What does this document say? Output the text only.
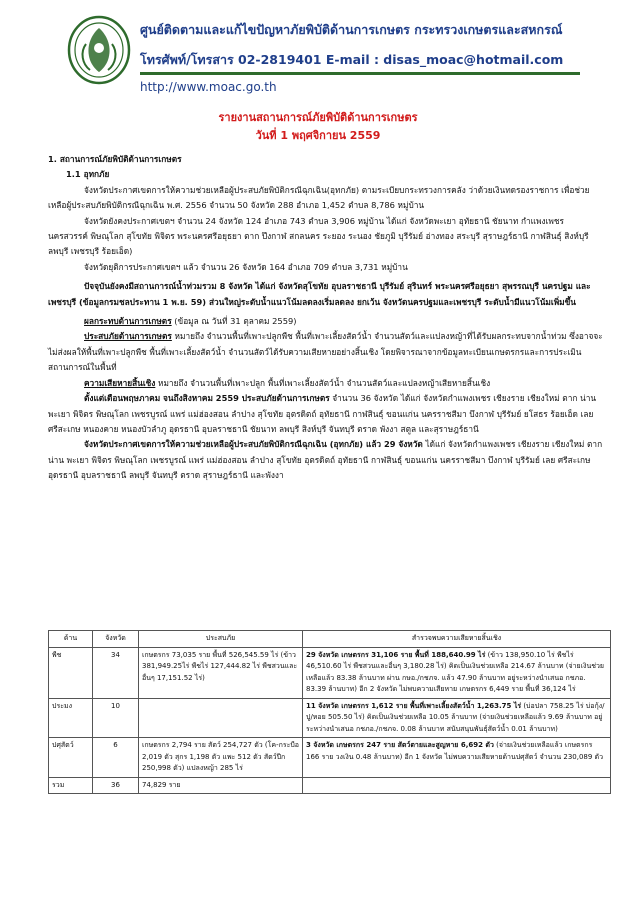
ศูนย์ติดตามและแก้ไขปัญหาภัยพิบัติด้านการเกษตร กระทรวงเกษตรและสหกรณ์
โทรศัพท์/โทรสาร 02-2819401 E-mail : disas_moac@hotmail.com
http://www.moac.go.th
รายงานสถานการณ์ภัยพิบัติด้านการเกษตร
วันที่ 1 พฤศจิกายน 2559

1. สถานการณ์ภัยพิบัติด้านการเกษตร

1.1 อุทกภัย

จังหวัดประกาศเขตการให้ความช่วยเหลือผู้ประสบภัยพิบัติกรณีฉุกเฉิน(อุทกภัย) ตามระเบียบกระทรวงการคลัง ว่าด้วยเงินทดรองราชการ เพื่อช่วยเหลือผู้ประสบภัยพิบัติกรณีฉุกเฉิน พ.ศ. 2556 จำนวน 50 จังหวัด 288 อำเภอ 1,452 ตำบล 8,786 หมู่บ้าน

จังหวัดยังคงประกาศเขตฯ จำนวน 24 จังหวัด 124 อำเภอ 743 ตำบล 3,906 หมู่บ้าน ได้แก่ จังหวัดพะเยา อุทัยธานี ชัยนาท กำแพงเพชร นครสวรรค์ พิษณุโลก สุโขทัย พิจิตร พระนครศรีอยุธยา ตาก ปึงกาฬ สกลนคร ระยอง ระนอง ชัยภูมิ บุรีรัมย์ อ่างทอง สระบุรี สุราษฎร์ธานี กาฬสินธุ์ สิงห์บุรี ลพบุรี เพชรบุรี ร้อยเอ็ด)

จังหวัดยุติการประกาศเขตฯ แล้ว จำนวน 26 จังหวัด 164 อำเภอ 709 ตำบล 3,731 หมู่บ้าน

ปัจจุบันยังคงมีสถานการณ์น้ำท่วมรวม 8 จังหวัด ได้แก่ จังหวัดสุโขทัย อุบลราชธานี บุรีรัมย์ สุรินทร์ พระนครศรีอยุธยา สุพรรณบุรี นครปฐม และเพชรบุรี (ข้อมูลกรมชลประทาน 1 พ.ย. 59) ส่วนใหญ่ระดับน้ำแนวโน้มลดลงเริ่มลดลง ยกเว้น จังหวัดนครปฐมและเพชรบุรี ระดับน้ำมีแนวโน้มเพิ่มขึ้น

ผลกระทบด้านการเกษตร (ข้อมูล ณ วันที่ 31 ตุลาคม 2559)

ประสบภัยด้านการเกษตร หมายถึง จำนวนพื้นที่เพาะปลูกพืช พื้นที่เพาะเลี้ยงสัตว์น้ำ จำนวนสัตว์และแปลงหญ้าที่ได้รับผลกระทบจากน้ำท่วม ซึ่งอาจจะไม่ส่งผลให้พื้นที่เพาะปลูกพืช พื้นที่เพาะเลี้ยงสัตว์น้ำ จำนวนสัตว์ได้รับความเสียหายอย่างสิ้นเชิง โดยพิจารณาจากข้อมูลทะเบียนเกษตรกรและการประเมินสถานการณ์ในพื้นที่

ความเสียหายสิ้นเชิง หมายถึง จำนวนพื้นที่เพาะปลูก พื้นที่เพาะเลี้ยงสัตว์น้ำ จำนวนสัตว์และแปลงหญ้าเสียหายสิ้นเชิง

ตั้งแต่เดือนพฤษภาคม จนถึงสิงหาคม 2559 ประสบภัยด้านการเกษตร จำนวน 36 จังหวัด ได้แก่ จังหวัดกำแพงเพชร เชียงราย เชียงใหม่ ตาก น่าน พะเยา พิจิตร พิษณุโลก เพชรบูรณ์ แพร่ แม่ฮ่องสอน ลำปาง สุโขทัย อุตรดิตถ์ อุทัยธานี กาฬสินธุ์ ขอนแก่น นครราชสีมา บึงกาฬ บุรีรัมย์ ยโสธร ร้อยเอ็ด เลย ศรีสะเกษ หนองคาย หนองบัวลำภู อุดรธานี อุบลราชธานี ชัยนาท ลพบุรี สิงห์บุรี จันทบุรี ตราด พังงา สตูล และสุราษฎร์ธานี

จังหวัดประกาศเขตการให้ความช่วยเหลือผู้ประสบภัยพิบัติกรณีฉุกเฉิน (อุทกภัย) แล้ว 29 จังหวัด ได้แก่ จังหวัดกำแพงเพชร เชียงราย เชียงใหม่ ตาก น่าน พะเยา พิจิตร พิษณุโลก เพชรบูรณ์ แพร่ แม่ฮ่องสอน ลำปาง สุโขทัย อุตรดิตถ์ อุทัยธานี กาฬสินธุ์ ขอนแก่น นครราชสีมา บึงกาฬ บุรีรัมย์ เลย ศรีสะเกษ อุดรธานี อุบลราชธานี ลพบุรี จันทบุรี ตราด สุราษฎร์ธานี และพังงา

ด้าน	จังหวัด	ประสบภัย	สำรวจพบความเสียหายสิ้นเชิง
พืช	34	เกษตรกร 73,035 ราย พื้นที่ 526,545.59 ไร่ (ข้าว 381,949.25ไร่ พืชไร่ 127,444.82 ไร่ พืชสวนและอื่นๆ 17,151.52 ไร่)	29 จังหวัด เกษตรกร 31,106 ราย พื้นที่ 188,640.99 ไร่ (ข้าว 138,950.10 ไร่ พืชไร่ 46,510.60 ไร่ พืชสวนและอื่นๆ 3,180.28 ไร่) คิดเป็นเงินช่วยเหลือ 214.67 ล้านบาท (จ่ายเงินช่วยเหลือแล้ว 83.38 ล้านบาท ผ่าน กษอ./กชภจ. แล้ว 47.90 ล้านบาท อยู่ระหว่างนำเสนอ กชภอ. 83.39 ล้านบาท) อีก 2 จังหวัด ไม่พบความเสียหาย เกษตรกร 6,449 ราย พื้นที่ 36,124 ไร่
ประมง	10		11 จังหวัด เกษตรกร 1,612 ราย พื้นที่เพาะเลี้ยงสัตว์น้ำ 1,263.75 ไร่ (บ่อปลา 758.25 ไร่ บ่อกุ้ง/ปู/หอย 505.50 ไร่) คิดเป็นเงินช่วยเหลือ 10.05 ล้านบาท (จ่ายเงินช่วยเหลือแล้ว 9.69 ล้านบาท อยู่ระหว่างนำเสนอ กชภอ./กชภจ. 0.08 ล้านบาท สนับสนุนพันธุ์สัตว์น้ำ 0.01 ล้านบาท)
ปศุสัตว์	6	เกษตรกร 2,794 ราย สัตว์ 254,727 ตัว (โค-กระบือ 2,019 ตัว สุกร 1,198 ตัว แพะ 512 ตัว สัตว์ปีก 250,998 ตัว) แปลงหญ้า 285 ไร่	3 จังหวัด เกษตรกร 247 ราย สัตว์ตายและสูญหาย 6,692 ตัว (จ่ายเงินช่วยเหลือแล้ว เกษตรกร 166 ราย วงเงิน 0.48 ล้านบาท) อีก 1 จังหวัด ไม่พบความเสียหายด้านปศุสัตว์ จำนวน 230,089 ตัว
รวม	36	74,829 ราย	
